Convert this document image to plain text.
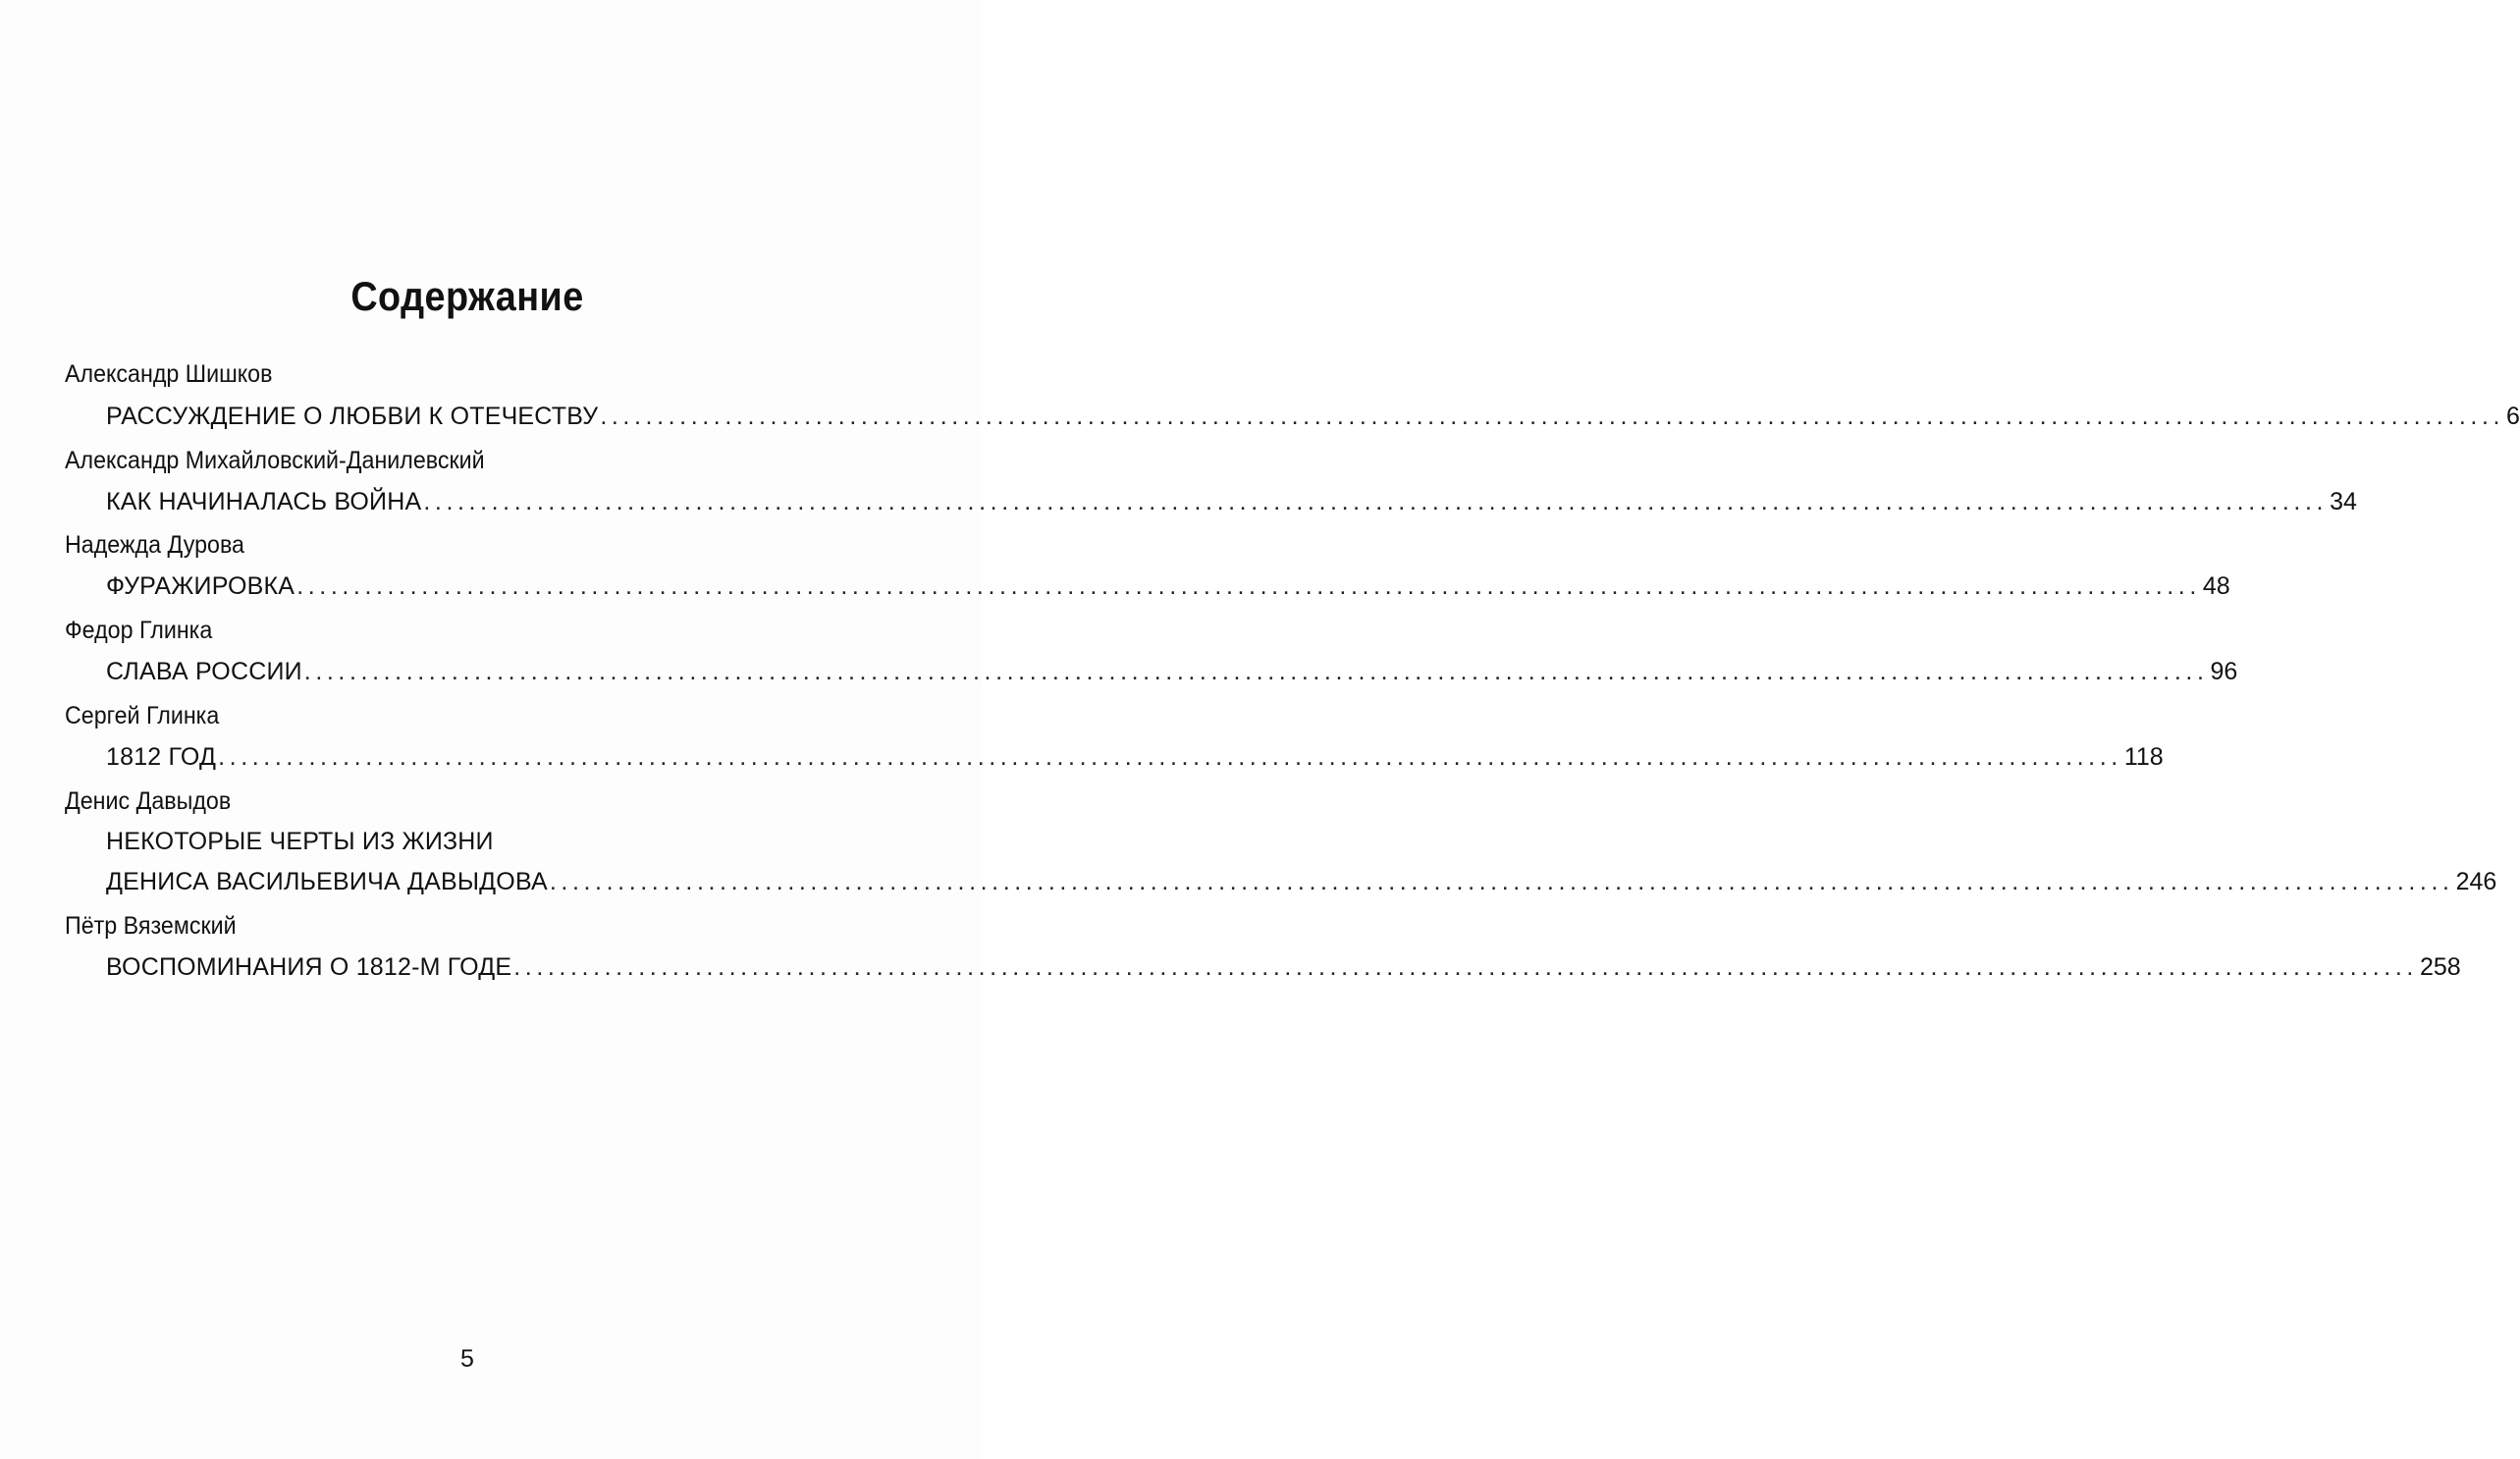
Содержание
Александр Шишков
РАССУЖДЕНИЕ О ЛЮБВИ К ОТЕЧЕСТВУ ........................................................................................................................................................................ 6
Александр Михайловский-Данилевский
КАК НАЧИНАЛАСЬ ВОЙНА ........................................................................................................................................................................ 34
Надежда Дурова
ФУРАЖИРОВКА ........................................................................................................................................................................ 48
Федор Глинка
СЛАВА РОССИИ ........................................................................................................................................................................ 96
Сергей Глинка
1812 ГОД ........................................................................................................................................................................ 118
Денис Давыдов
НЕКОТОРЫЕ ЧЕРТЫ ИЗ ЖИЗНИ
ДЕНИСА ВАСИЛЬЕВИЧА ДАВЫДОВА ........................................................................................................................................................................ 246
Пётр Вяземский
ВОСПОМИНАНИЯ О 1812-М ГОДЕ ........................................................................................................................................................................ 258
5
